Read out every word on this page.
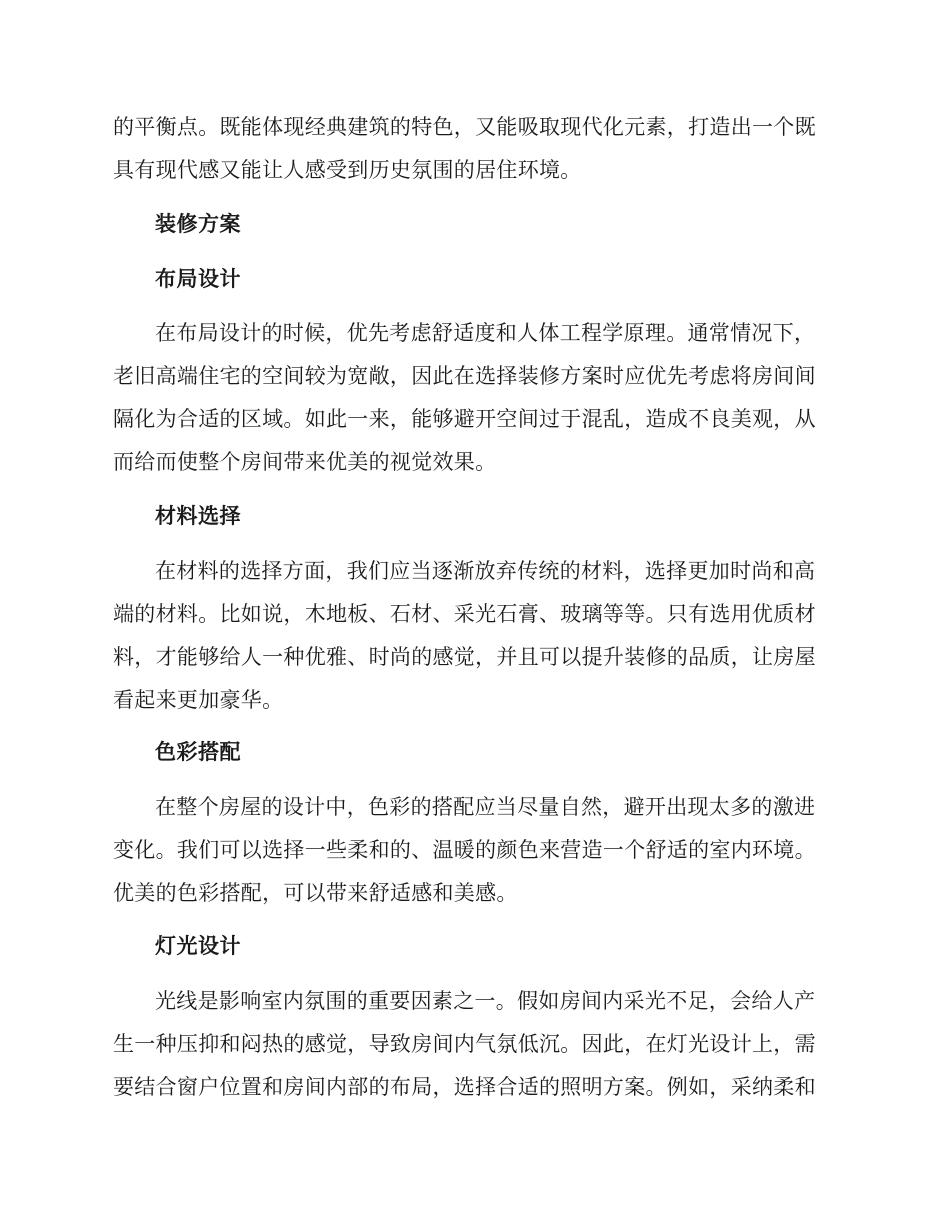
的平衡点。既能体现经典建筑的特色，又能吸取现代化元素，打造出一个既
具有现代感又能让人感受到历史氛围的居住环境。
装修方案
布局设计
在布局设计的时候，优先考虑舒适度和人体工程学原理。通常情况下，
老旧高端住宅的空间较为宽敞，因此在选择装修方案时应优先考虑将房间间
隔化为合适的区域。如此一来，能够避开空间过于混乱，造成不良美观，从
而给而使整个房间带来优美的视觉效果。
材料选择
在材料的选择方面，我们应当逐渐放弃传统的材料，选择更加时尚和高
端的材料。比如说，木地板、石材、采光石膏、玻璃等等。只有选用优质材
料，才能够给人一种优雅、时尚的感觉，并且可以提升装修的品质，让房屋
看起来更加豪华。
色彩搭配
在整个房屋的设计中，色彩的搭配应当尽量自然，避开出现太多的激进
变化。我们可以选择一些柔和的、温暖的颜色来营造一个舒适的室内环境。
优美的色彩搭配，可以带来舒适感和美感。
灯光设计
光线是影响室内氛围的重要因素之一。假如房间内采光不足，会给人产
生一种压抑和闷热的感觉，导致房间内气氛低沉。因此，在灯光设计上，需
要结合窗户位置和房间内部的布局，选择合适的照明方案。例如，采纳柔和
